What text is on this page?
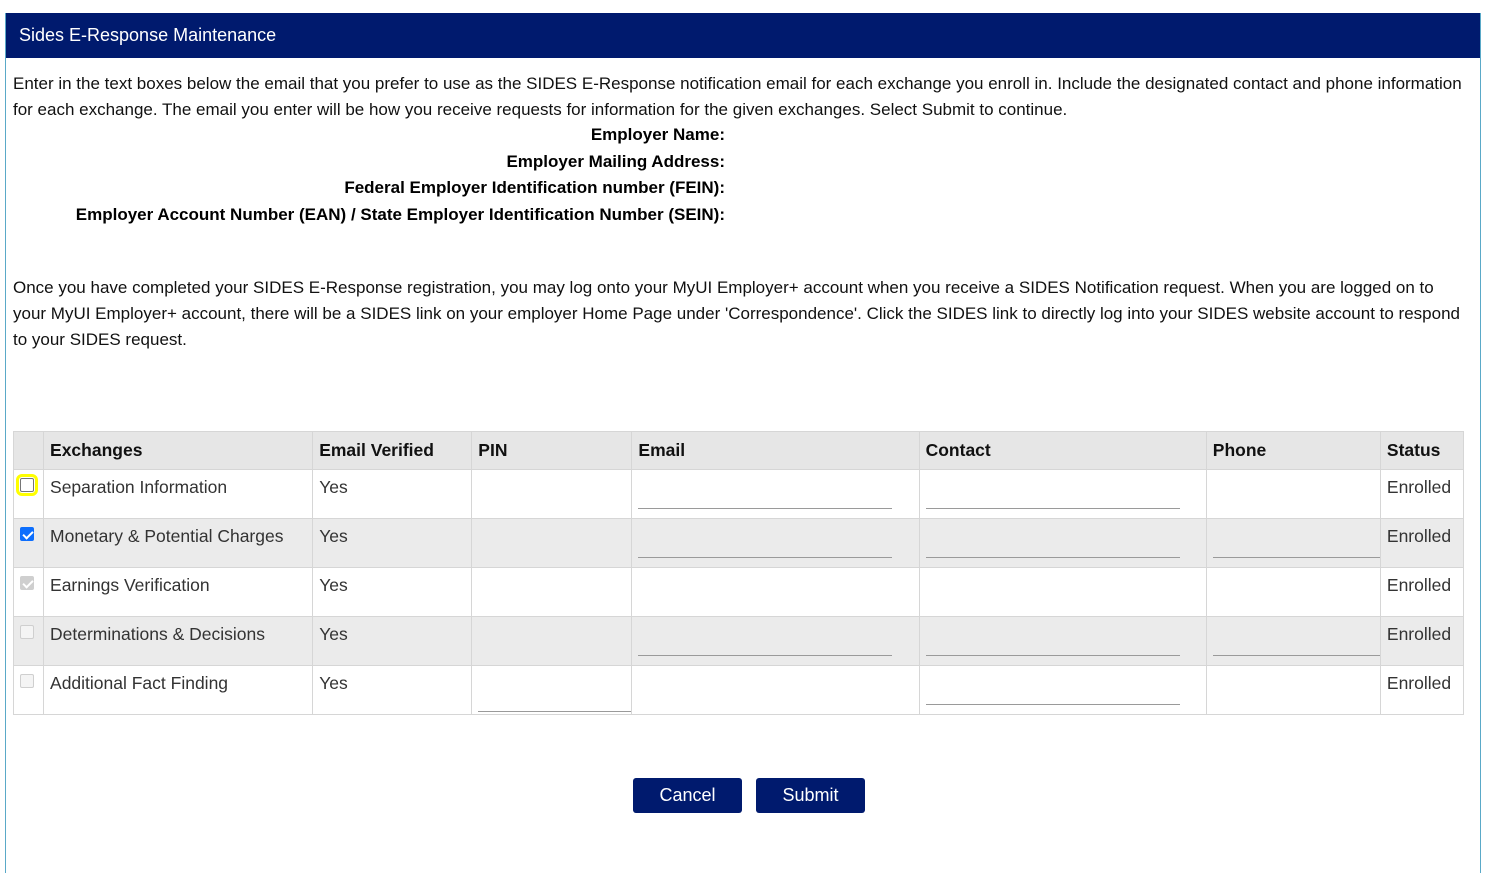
Sides E-Response Maintenance
Enter in the text boxes below the email that you prefer to use as the SIDES E-Response notification email for each exchange you enroll in. Include the designated contact and phone information for each exchange. The email you enter will be how you receive requests for information for the given exchanges. Select Submit to continue.
Employer Name:
Employer Mailing Address:
Federal Employer Identification number (FEIN):
Employer Account Number (EAN) / State Employer Identification Number (SEIN):
Once you have completed your SIDES E-Response registration, you may log onto your MyUI Employer+ account when you receive a SIDES Notification request. When you are logged on to your MyUI Employer+ account, there will be a SIDES link on your employer Home Page under 'Correspondence'. Click the SIDES link to directly log into your SIDES website account to respond to your SIDES request.
	Exchanges	Email Verified	PIN	Email	Contact	Phone	Status

	Separation Information	Yes					Enrolled

	Monetary & Potential Charges	Yes					Enrolled

	Earnings Verification	Yes					Enrolled

	Determinations & Decisions	Yes					Enrolled

	Additional Fact Finding	Yes					Enrolled
Cancel	Submit
